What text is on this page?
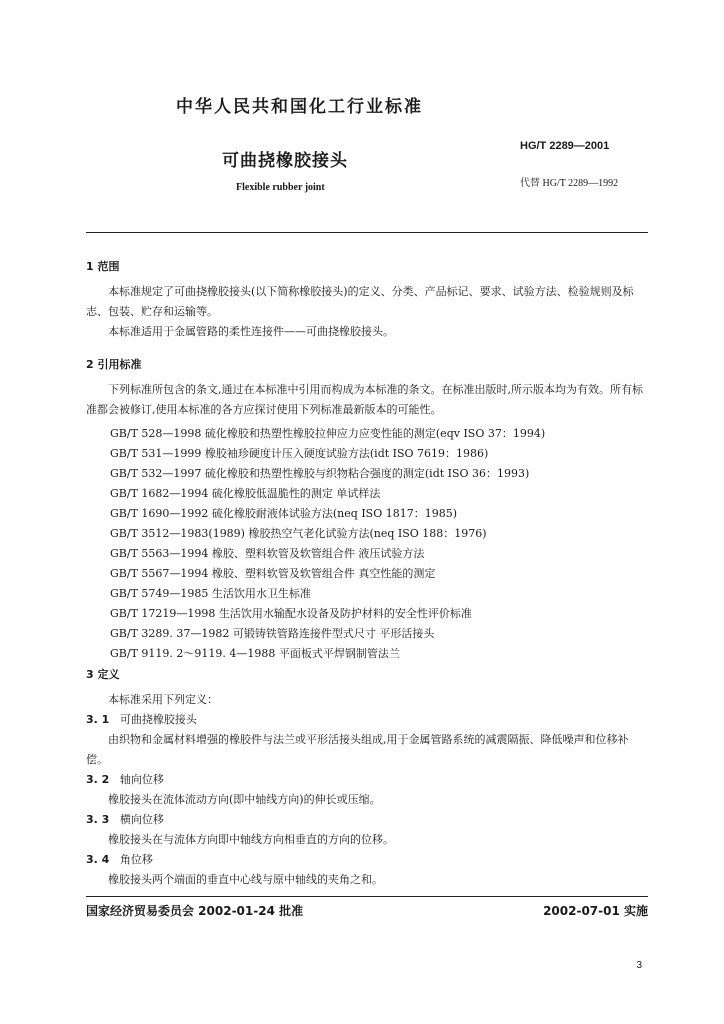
中华人民共和国化工行业标准
可曲挠橡胶接头
Flexible rubber joint
HG/T 2289—2001
代替 HG/T 2289—1992
1 范围

本标准规定了可曲挠橡胶接头(以下简称橡胶接头)的定义、分类、产品标记、要求、试验方法、检验规则及标志、包装、贮存和运输等。

本标准适用于金属管路的柔性连接件——可曲挠橡胶接头。

2 引用标准

下列标准所包含的条文,通过在本标准中引用而构成为本标准的条文。在标准出版时,所示版本均为有效。所有标准都会被修订,使用本标准的各方应探讨使用下列标准最新版本的可能性。

GB/T 528—1998 硫化橡胶和热塑性橡胶拉伸应力应变性能的测定(eqv ISO 37：1994)
GB/T 531—1999 橡胶袖珍硬度计压入硬度试验方法(idt ISO 7619：1986)
GB/T 532—1997 硫化橡胶和热塑性橡胶与织物粘合强度的测定(idt ISO 36：1993)
GB/T 1682—1994 硫化橡胶低温脆性的测定 单试样法
GB/T 1690—1992 硫化橡胶耐液体试验方法(neq ISO 1817：1985)
GB/T 3512—1983(1989) 橡胶热空气老化试验方法(neq ISO 188：1976)
GB/T 5563—1994 橡胶、塑料软管及软管组合件 液压试验方法
GB/T 5567—1994 橡胶、塑料软管及软管组合件 真空性能的测定
GB/T 5749—1985 生活饮用水卫生标准
GB/T 17219—1998 生活饮用水输配水设备及防护材料的安全性评价标准
GB/T 3289. 37—1982 可锻铸铁管路连接件型式尺寸 平形活接头
GB/T 9119. 2～9119. 4—1988 平面板式平焊钢制管法兰
3 定义

本标准采用下列定义：

3. 1 可曲挠橡胶接头

由织物和金属材料增强的橡胶件与法兰或平形活接头组成,用于金属管路系统的减震隔振、降低噪声和位移补偿。

3. 2 轴向位移

橡胶接头在流体流动方向(即中轴线方向)的伸长或压缩。

3. 3 横向位移

橡胶接头在与流体方向即中轴线方向相垂直的方向的位移。

3. 4 角位移

橡胶接头两个端面的垂直中心线与原中轴线的夹角之和。

国家经济贸易委员会 2002-01-24 批准	2002-07-01 实施
3
